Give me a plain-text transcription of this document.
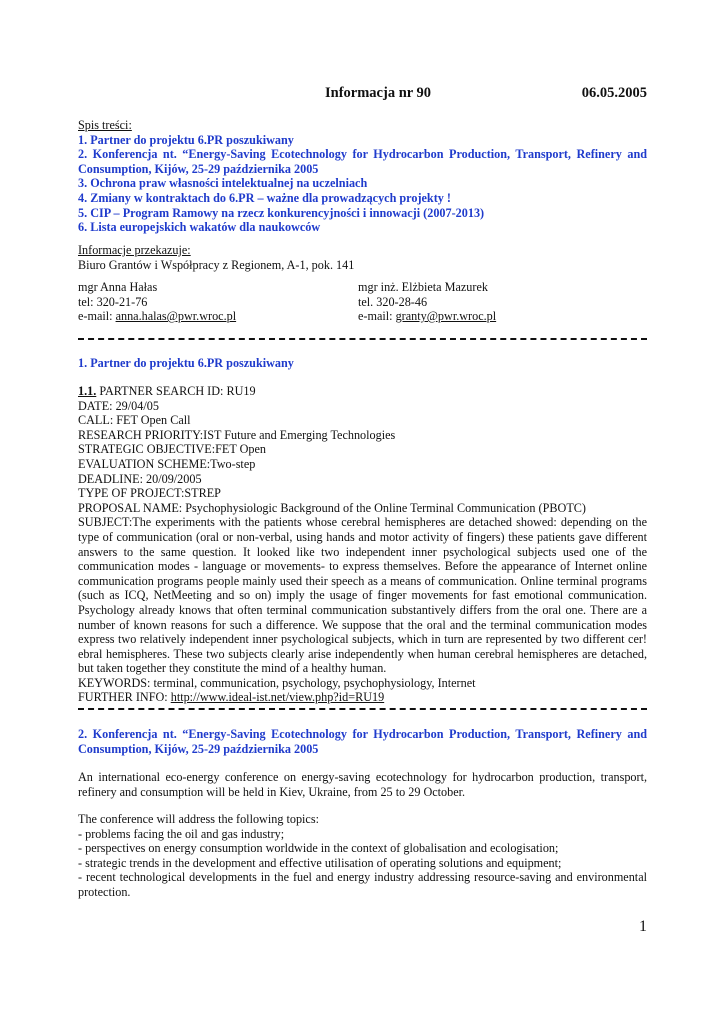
Informacja nr 90	06.05.2005
Spis treści:
1. Partner do projektu 6.PR poszukiwany
2. Konferencja nt. “Energy-Saving Ecotechnology for Hydrocarbon Production, Transport, Refinery and Consumption, Kijów, 25-29 października 2005
3. Ochrona praw własności intelektualnej na uczelniach
4. Zmiany w kontraktach do 6.PR – ważne dla prowadzących projekty !
5. CIP – Program Ramowy na rzecz konkurencyjności i innowacji (2007-2013)
6. Lista europejskich wakatów dla naukowców
Informacje przekazuje:
Biuro Grantów i Współpracy z Regionem, A-1, pok. 141
mgr Anna Hałas
tel: 320-21-76
e-mail: anna.halas@pwr.wroc.pl
mgr inż. Elżbieta Mazurek
tel. 320-28-46
e-mail: granty@pwr.wroc.pl
1. Partner do projektu 6.PR poszukiwany
1.1. PARTNER SEARCH ID: RU19
DATE: 29/04/05
CALL: FET Open Call
RESEARCH PRIORITY:IST Future and Emerging Technologies
STRATEGIC OBJECTIVE:FET Open
EVALUATION SCHEME:Two-step
DEADLINE: 20/09/2005
TYPE OF PROJECT:STREP
PROPOSAL NAME: Psychophysiologic Background of the Online Terminal Communication (PBOTC)
SUBJECT:The experiments with the patients whose cerebral hemispheres are detached showed: depending on the type of communication (oral or non-verbal, using hands and motor activity of fingers) these patients gave different answers to the same question. It looked like two independent inner psychological subjects used one of the communication modes - language or movements- to express themselves. Before the appearance of Internet online communication programs people mainly used their speech as a means of communication. Online terminal programs (such as ICQ, NetMeeting and so on) imply the usage of finger movements for fast emotional communication. Psychology already knows that often terminal communication substantively differs from the oral one. There are a number of known reasons for such a difference. We suppose that the oral and the terminal communication modes express two relatively independent inner psychological subjects, which in turn are represented by two different cer! ebral hemispheres. These two subjects clearly arise independently when human cerebral hemispheres are detached, but taken together they constitute the mind of a healthy human.
KEYWORDS: terminal, communication, psychology, psychophysiology, Internet
FURTHER INFO: http://www.ideal-ist.net/view.php?id=RU19
2. Konferencja nt. “Energy-Saving Ecotechnology for Hydrocarbon Production, Transport, Refinery and Consumption, Kijów, 25-29 października 2005
An international eco-energy conference on energy-saving ecotechnology for hydrocarbon production, transport, refinery and consumption will be held in Kiev, Ukraine, from 25 to 29 October.
The conference will address the following topics:
- problems facing the oil and gas industry;
- perspectives on energy consumption worldwide in the context of globalisation and ecologisation;
- strategic trends in the development and effective utilisation of operating solutions and equipment;
- recent technological developments in the fuel and energy industry addressing resource-saving and environmental protection.
1
